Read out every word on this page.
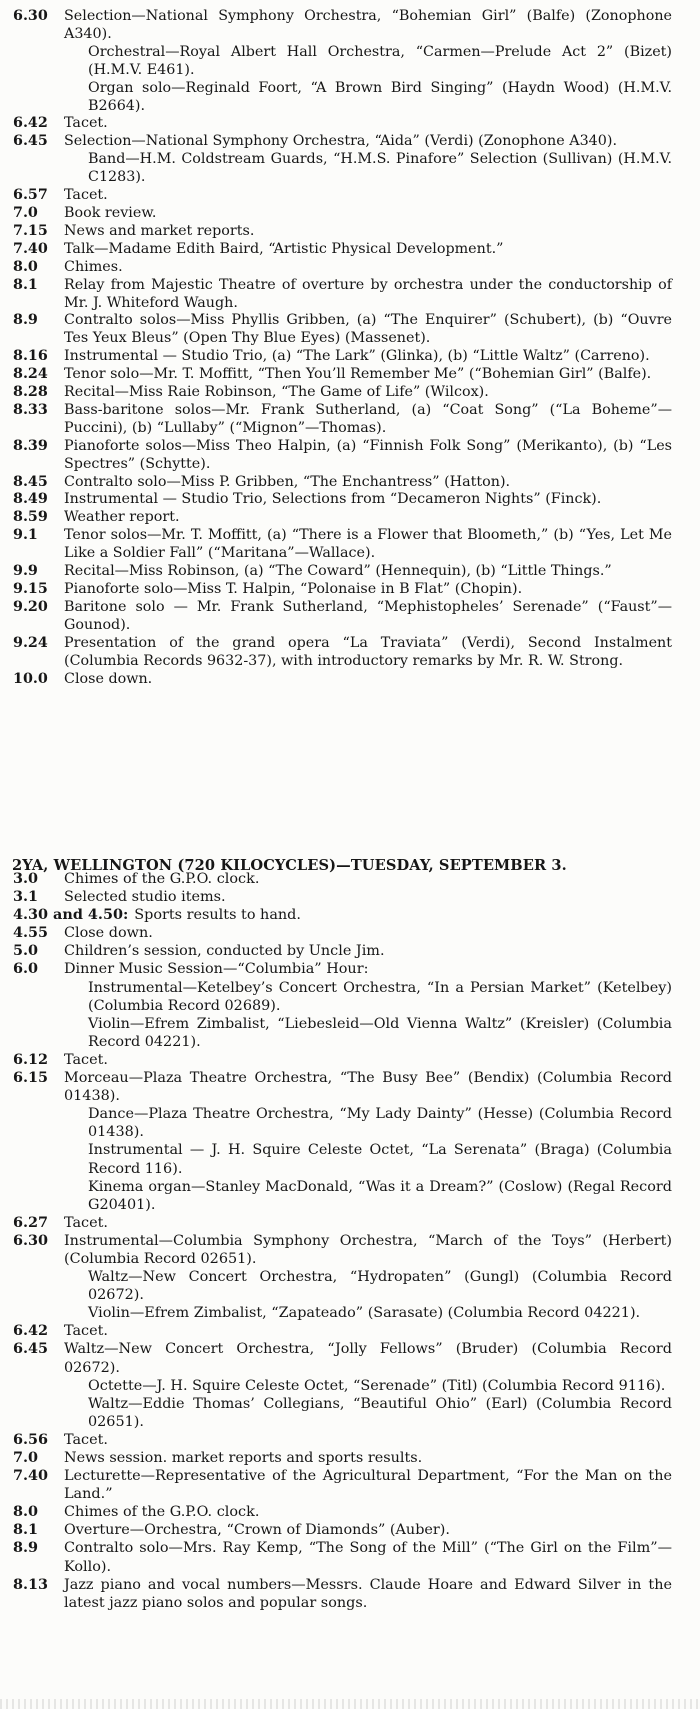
6.30	Selection—National Symphony Orchestra, “Bohemian Girl” (Balfe) (Zonophone A340).
Orchestral—Royal Albert Hall Orchestra, “Carmen—Prelude Act 2” (Bizet) (H.M.V. E461).
Organ solo—Reginald Foort, “A Brown Bird Singing” (Haydn Wood) (H.M.V. B2664).
6.42	Tacet.
6.45	Selection—National Symphony Orchestra, “Aida” (Verdi) (Zonophone A340).
Band—H.M. Coldstream Guards, “H.M.S. Pinafore” Selection (Sullivan) (H.M.V. C1283).
6.57	Tacet.
7.0	Book review.
7.15	News and market reports.
7.40	Talk—Madame Edith Baird, “Artistic Physical Development.”
8.0	Chimes.
8.1	Relay from Majestic Theatre of overture by orchestra under the conductorship of Mr. J. Whiteford Waugh.
8.9	Contralto solos—Miss Phyllis Gribben, (a) “The Enquirer” (Schubert), (b) “Ouvre Tes Yeux Bleus” (Open Thy Blue Eyes) (Massenet).
8.16	Instrumental — Studio Trio, (a) “The Lark” (Glinka), (b) “Little Waltz” (Carreno).
8.24	Tenor solo—Mr. T. Moffitt, “Then You’ll Remember Me” (“Bohemian Girl” (Balfe).
8.28	Recital—Miss Raie Robinson, “The Game of Life” (Wilcox).
8.33	Bass-baritone solos—Mr. Frank Sutherland, (a) “Coat Song” (“La Boheme”—Puccini), (b) “Lullaby” (“Mignon”—Thomas).
8.39	Pianoforte solos—Miss Theo Halpin, (a) “Finnish Folk Song” (Merikanto), (b) “Les Spectres” (Schytte).
8.45	Contralto solo—Miss P. Gribben, “The Enchantress” (Hatton).
8.49	Instrumental — Studio Trio, Selections from “Decameron Nights” (Finck).
8.59	Weather report.
9.1	Tenor solos—Mr. T. Moffitt, (a) “There is a Flower that Bloometh,” (b) “Yes, Let Me Like a Soldier Fall” (“Maritana”—Wallace).
9.9	Recital—Miss Robinson, (a) “The Coward” (Hennequin), (b) “Little Things.”
9.15	Pianoforte solo—Miss T. Halpin, “Polonaise in B Flat” (Chopin).
9.20	Baritone solo — Mr. Frank Sutherland, “Mephistopheles’ Serenade” (“Faust”—Gounod).
9.24	Presentation of the grand opera “La Traviata” (Verdi), Second Instalment (Columbia Records 9632-37), with introductory remarks by Mr. R. W. Strong.
10.0	Close down.
2YA, WELLINGTON (720 KILOCYCLES)—TUESDAY, SEPTEMBER 3.
3.0	Chimes of the G.P.O. clock.
3.1	Selected studio items.
4.30 and 4.50: Sports results to hand.
4.55	Close down.
5.0	Children’s session, conducted by Uncle Jim.
6.0	Dinner Music Session—“Columbia” Hour:
Instrumental—Ketelbey’s Concert Orchestra, “In a Persian Market” (Ketelbey) (Columbia Record 02689).
Violin—Efrem Zimbalist, “Liebesleid—Old Vienna Waltz” (Kreisler) (Columbia Record 04221).
6.12	Tacet.
6.15	Morceau—Plaza Theatre Orchestra, “The Busy Bee” (Bendix) (Columbia Record 01438).
Dance—Plaza Theatre Orchestra, “My Lady Dainty” (Hesse) (Columbia Record 01438).
Instrumental — J. H. Squire Celeste Octet, “La Serenata” (Braga) (Columbia Record 116).
Kinema organ—Stanley MacDonald, “Was it a Dream?” (Coslow) (Regal Record G20401).
6.27	Tacet.
6.30	Instrumental—Columbia Symphony Orchestra, “March of the Toys” (Herbert) (Columbia Record 02651).
Waltz—New Concert Orchestra, “Hydropaten” (Gungl) (Columbia Record 02672).
Violin—Efrem Zimbalist, “Zapateado” (Sarasate) (Columbia Record 04221).
6.42	Tacet.
6.45	Waltz—New Concert Orchestra, “Jolly Fellows” (Bruder) (Columbia Record 02672).
Octette—J. H. Squire Celeste Octet, “Serenade” (Titl) (Columbia Record 9116).
Waltz—Eddie Thomas’ Collegians, “Beautiful Ohio” (Earl) (Columbia Record 02651).
6.56	Tacet.
7.0	News session. market reports and sports results.
7.40	Lecturette—Representative of the Agricultural Department, “For the Man on the Land.”
8.0	Chimes of the G.P.O. clock.
8.1	Overture—Orchestra, “Crown of Diamonds” (Auber).
8.9	Contralto solo—Mrs. Ray Kemp, “The Song of the Mill” (“The Girl on the Film”—Kollo).
8.13	Jazz piano and vocal numbers—Messrs. Claude Hoare and Edward Silver in the latest jazz piano solos and popular songs.
